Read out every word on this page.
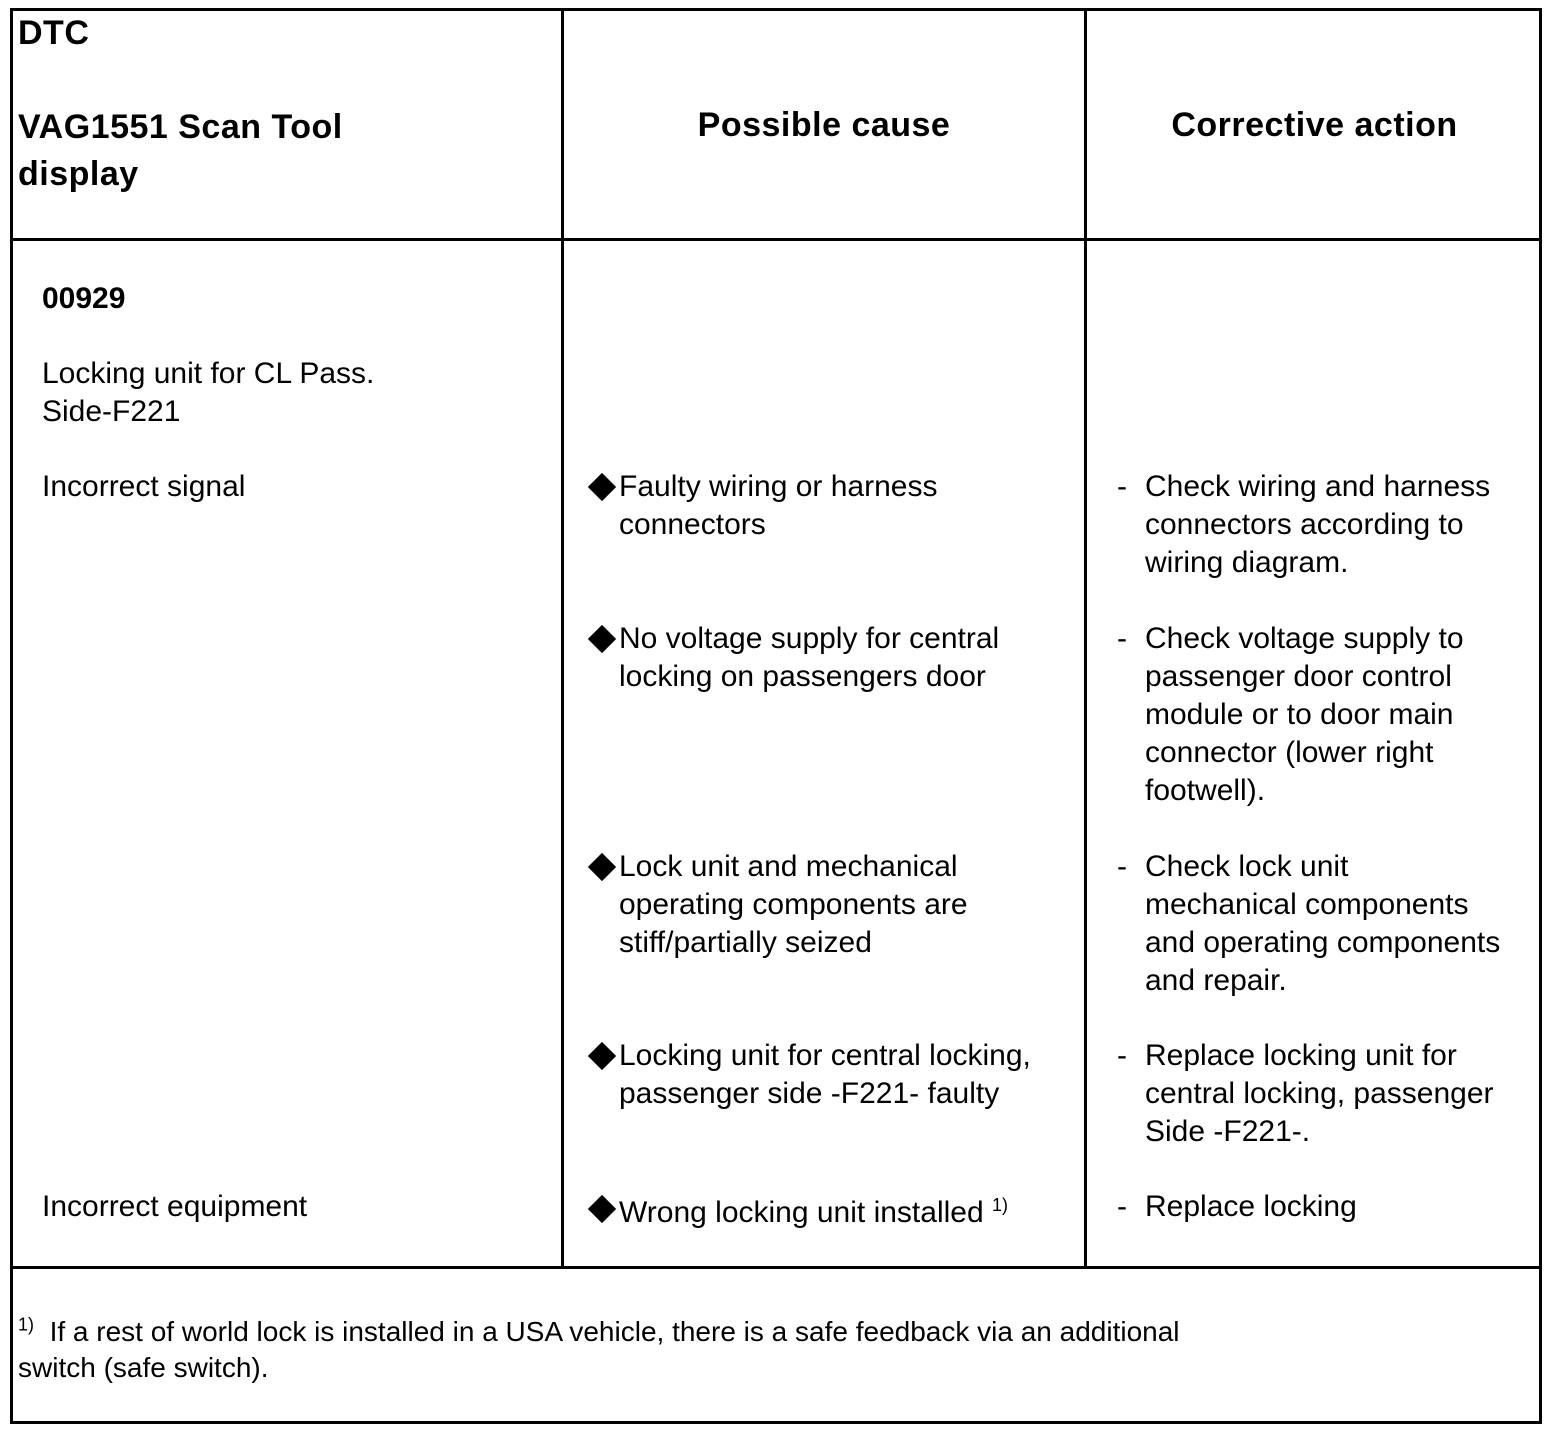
DTC
VAG1551 Scan Tool
display
Possible cause	Corrective action
00929
Locking unit for CL Pass.
Side-F221
Incorrect signal
Incorrect equipment
Faulty wiring or harness
connectors
No voltage supply for central
locking on passengers door
Lock unit and mechanical
operating components are
stiff/partially seized
Locking unit for central locking,
passenger side -F221- faulty
Wrong locking unit installed $^{1)}$
- Check wiring and harness
connectors according to
wiring diagram.
- Check voltage supply to
passenger door control
module or to door main
connector (lower right
footwell).
- Check lock unit
mechanical components
and operating components
and repair.
- Replace locking unit for
central locking, passenger
Side -F221-.
- Replace locking
$^{1)}$ If a rest of world lock is installed in a USA vehicle, there is a safe feedback via an additional
switch (safe switch).
